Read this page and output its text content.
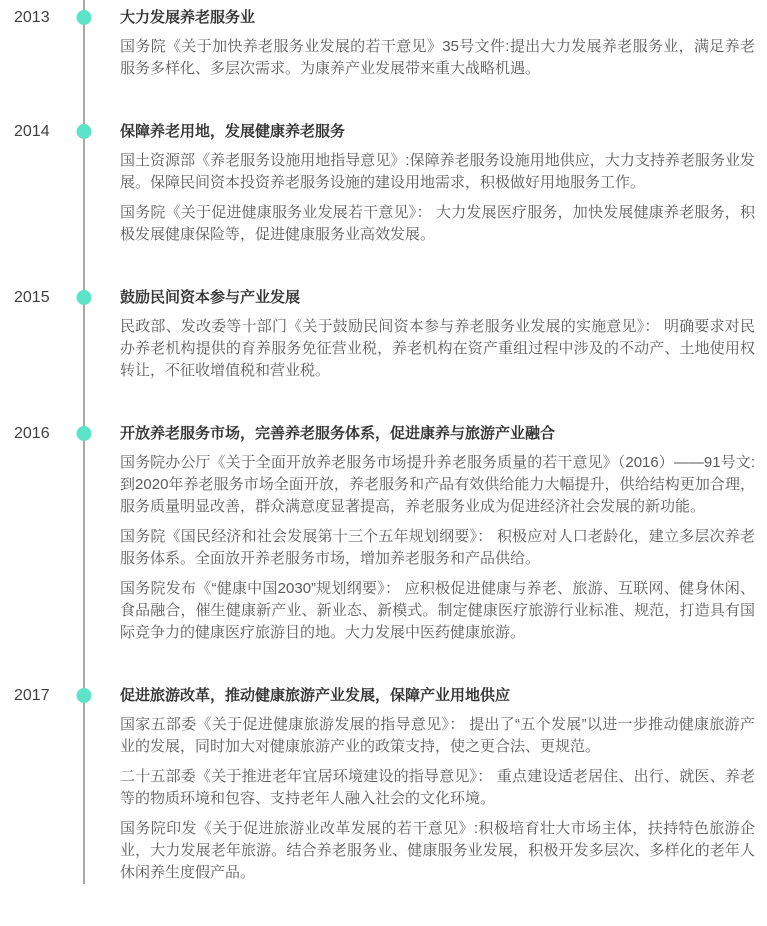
2013	大力发展养老服务业

国务院《关于加快养老服务业发展的若干意见》35号文件:提出大力发展养老服务业，满足养老服务多样化、多层次需求。为康养产业发展带来重大战略机遇。

2014	保障养老用地，发展健康养老服务

国土资源部《养老服务设施用地指导意见》:保障养老服务设施用地供应，大力支持养老服务业发展。保障民间资本投资养老服务设施的建设用地需求，积极做好用地服务工作。

国务院《关于促进健康服务业发展若干意见》： 大力发展医疗服务，加快发展健康养老服务，积极发展健康保险等，促进健康服务业高效发展。

2015	鼓励民间资本参与产业发展

民政部、发改委等十部门《关于鼓励民间资本参与养老服务业发展的实施意见》： 明确要求对民办养老机构提供的育养服务免征营业税，养老机构在资产重组过程中涉及的不动产、土地使用权转让，不征收增值税和营业税。

2016	开放养老服务市场，完善养老服务体系，促进康养与旅游产业融合

国务院办公厅《关于全面开放养老服务市场提升养老服务质量的若干意见》（2016）——91号文:到2020年养老服务市场全面开放，养老服务和产品有效供给能力大幅提升，供给结构更加合理，服务质量明显改善，群众满意度显著提高，养老服务业成为促进经济社会发展的新功能。

国务院《国民经济和社会发展第十三个五年规划纲要》： 积极应对人口老龄化，建立多层次养老服务体系。全面放开养老服务市场，增加养老服务和产品供给。

国务院发布《“健康中国2030”规划纲要》： 应积极促进健康与养老、旅游、互联网、健身休闲、食品融合，催生健康新产业、新业态、新模式。制定健康医疗旅游行业标准、规范，打造具有国际竞争力的健康医疗旅游目的地。大力发展中医药健康旅游。

2017	促进旅游改革，推动健康旅游产业发展，保障产业用地供应

国家五部委《关于促进健康旅游发展的指导意见》： 提出了“五个发展”以进一步推动健康旅游产业的发展，同时加大对健康旅游产业的政策支持，使之更合法、更规范。

二十五部委《关于推进老年宜居环境建设的指导意见》： 重点建设适老居住、出行、就医、养老等的物质环境和包容、支持老年人融入社会的文化环境。

国务院印发《关于促进旅游业改革发展的若干意见》:积极培育壮大市场主体，扶持特色旅游企业，大力发展老年旅游。结合养老服务业、健康服务业发展，积极开发多层次、多样化的老年人休闲养生度假产品。
